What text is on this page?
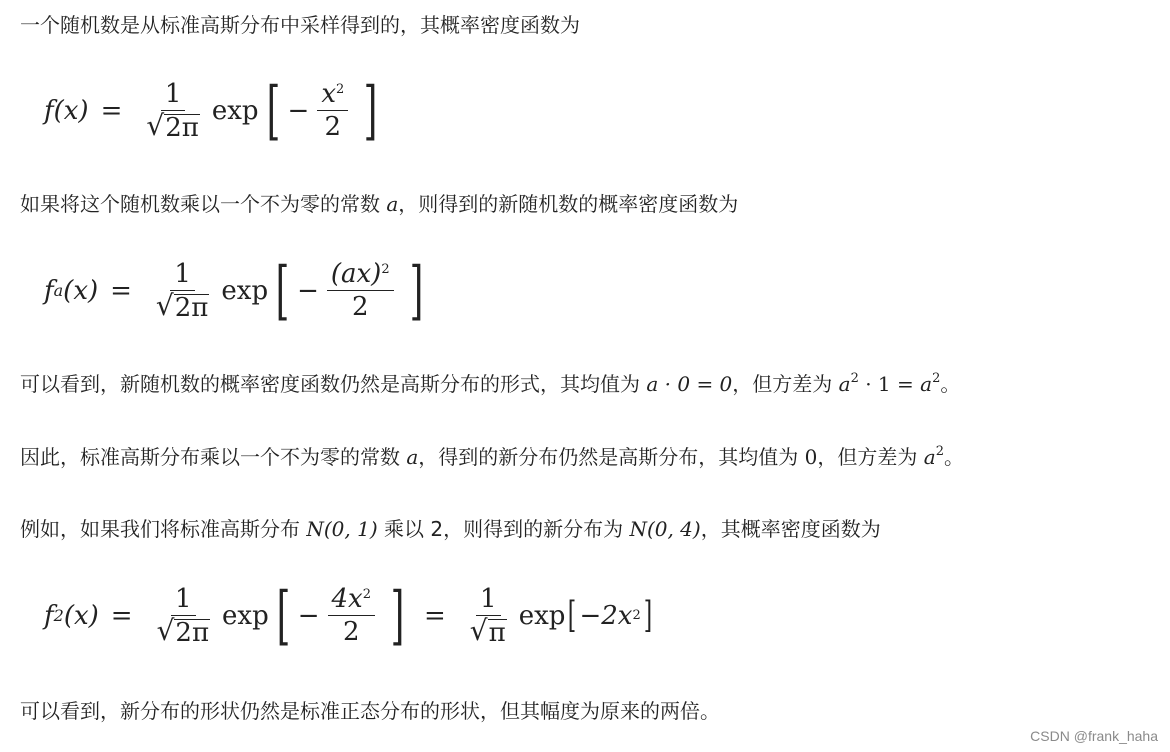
一个随机数是从标准高斯分布中采样得到的，其概率密度函数为
$f(x) = \frac{1}{√ 2\pi}$ exp [ − $\frac{x^2}{2}$ ]
如果将这个随机数乘以一个不为零的常数 a，则得到的新随机数的概率密度函数为
f a $(x) = \frac{1}{√ 2\pi}$ exp [ − $\frac{(ax)^2}{2}$ ]
可以看到，新随机数的概率密度函数仍然是高斯分布的形式，其均值为 a · 0 = 0，但方差为 $a^2 \cdot 1 = a^2$。
因此，标准高斯分布乘以一个不为零的常数 a，得到的新分布仍然是高斯分布，其均值为 0，但方差为 $a^2$。
例如，如果我们将标准高斯分布 N(0, 1) 乘以 2，则得到的新分布为 N(0, 4)，其概率密度函数为
f 2 $(x) = \frac{1}{√ 2\pi}$ exp [ − $\frac{4x^2}{2}$ ] = $\frac{1}{√ \pi}$ exp [ −2x 2 ]
可以看到，新分布的形状仍然是标准正态分布的形状，但其幅度为原来的两倍。
CSDN @frank_haha
